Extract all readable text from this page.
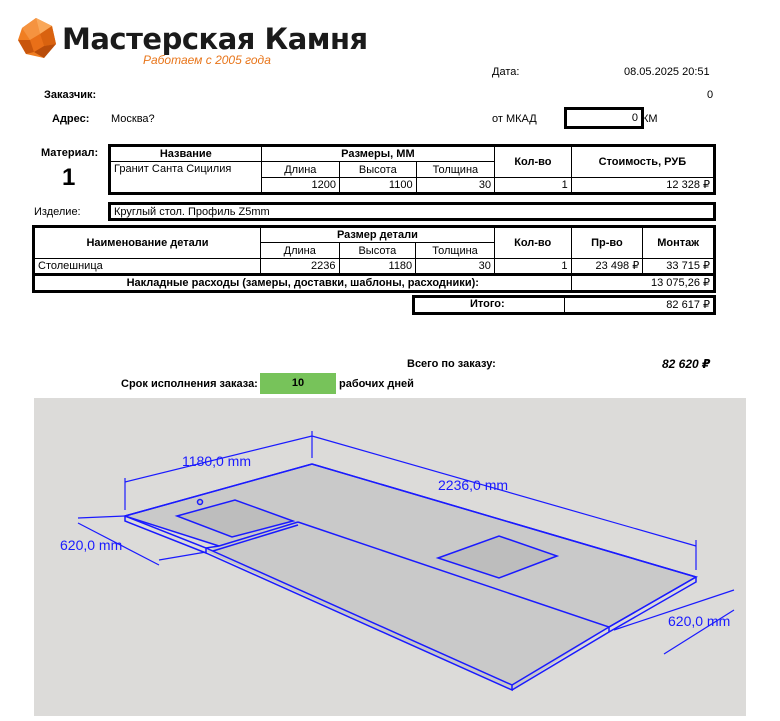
Мастерская Камня
Работаем с 2005 года
Дата:	08.05.2025 20:51
Заказчик:	0
Адрес: Москва?	от МКАД	0 КМ
Материал:
1
Название	Размеры, ММ			Кол-во	Стоимость, РУБ
Гранит Санта Сицилия	Длина	Высота	Толщина		
	1200	1100	30	1	12 328 ₽
Изделие:	Круглый стол. Профиль Z5mm
Наименование детали	Размер детали			Кол-во	Пр-во	Монтаж
	Длина	Высота	Толщина			
Столешница	2236	1180	30	1	23 498 ₽	33 715 ₽
Накладные расходы (замеры, доставки, шаблоны, расходники):					13 075,26 ₽	
Итого:	82 617 ₽
Всего по заказу:	82 620 ₽
Срок исполнения заказа:	10	рабочих дней
1180,0 mm
2236,0 mm
620,0 mm
620,0 mm
